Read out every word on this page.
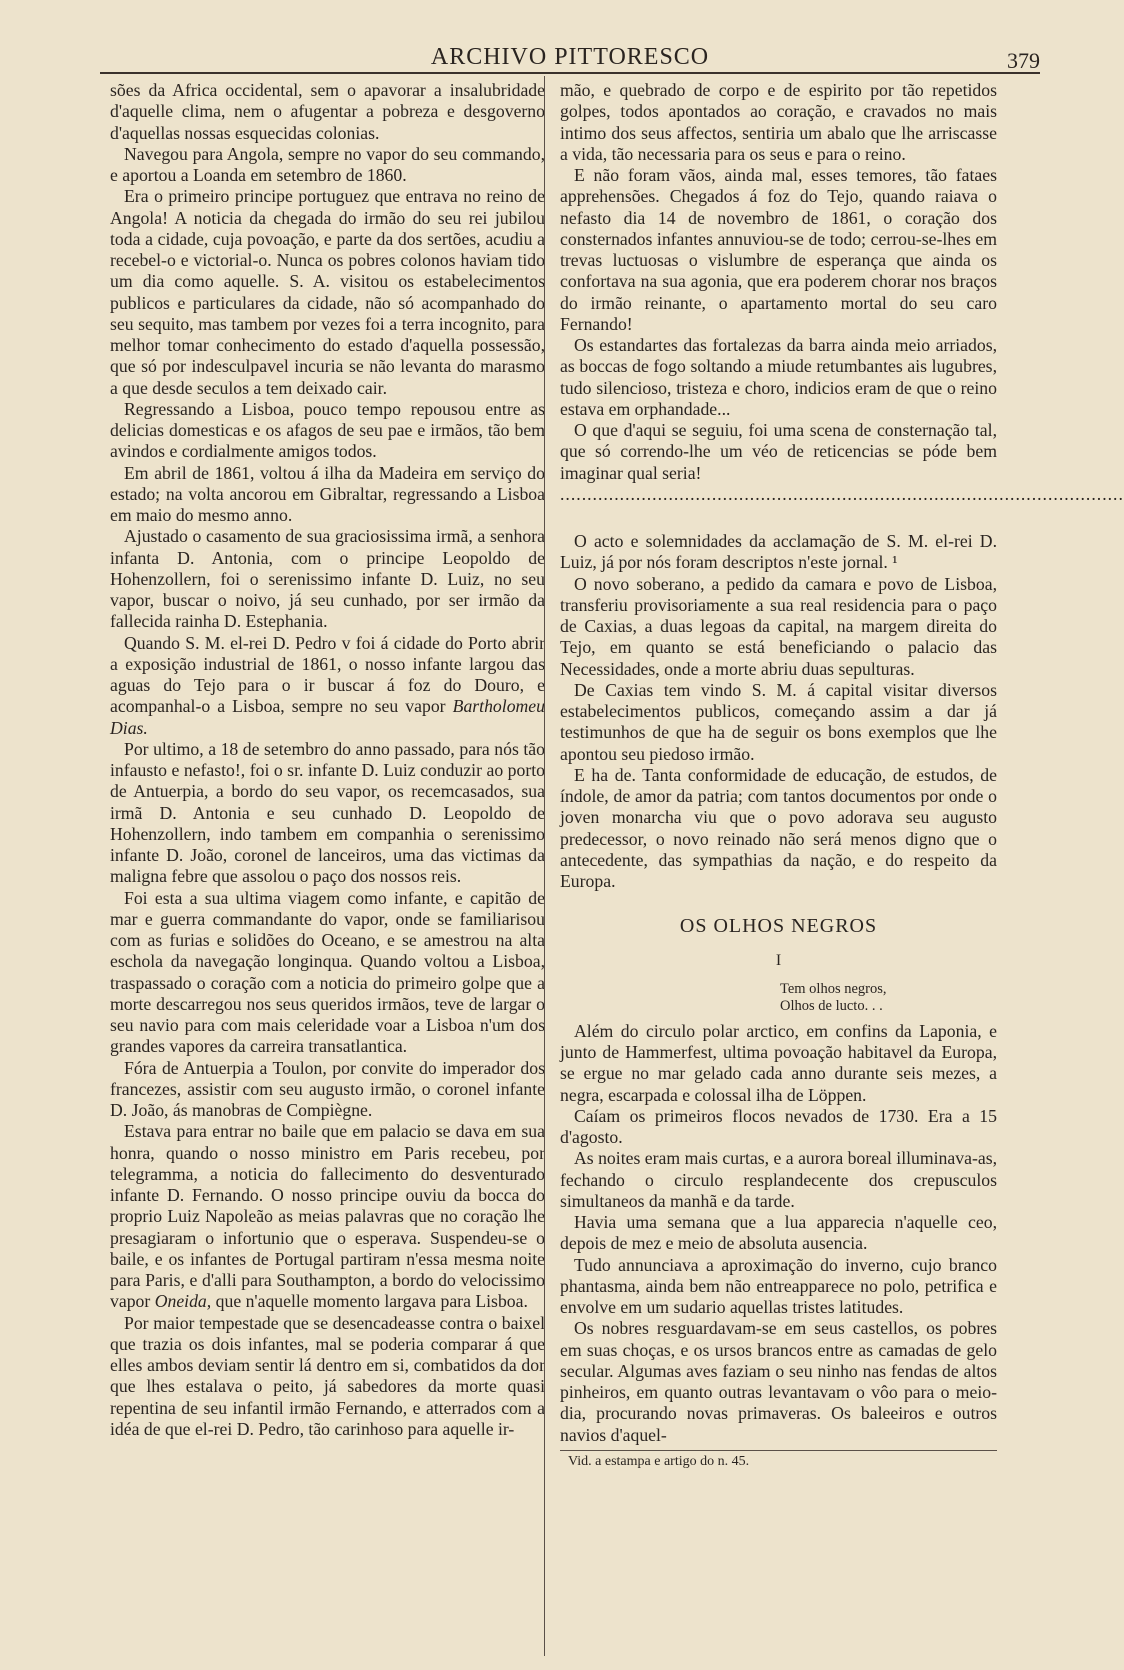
ARCHIVO PITTORESCO	379

sões da Africa occidental, sem o apavorar a insalubridade d'aquelle clima, nem o afugentar a pobreza e desgoverno d'aquellas nossas esquecidas colonias.

Navegou para Angola, sempre no vapor do seu commando, e aportou a Loanda em setembro de 1860.

Era o primeiro principe portuguez que entrava no reino de Angola! A noticia da chegada do irmão do seu rei jubilou toda a cidade, cuja povoação, e parte da dos sertões, acudiu a recebel-o e victorial-o. Nunca os pobres colonos haviam tido um dia como aquelle. S. A. visitou os estabelecimentos publicos e particulares da cidade, não só acompanhado do seu sequito, mas tambem por vezes foi a terra incognito, para melhor tomar conhecimento do estado d'aquella possessão, que só por indesculpavel incuria se não levanta do marasmo a que desde seculos a tem deixado cair.

Regressando a Lisboa, pouco tempo repousou entre as delicias domesticas e os afagos de seu pae e irmãos, tão bem avindos e cordialmente amigos todos.

Em abril de 1861, voltou á ilha da Madeira em serviço do estado; na volta ancorou em Gibraltar, regressando a Lisboa em maio do mesmo anno.

Ajustado o casamento de sua graciosissima irmã, a senhora infanta D. Antonia, com o principe Leopoldo de Hohenzollern, foi o serenissimo infante D. Luiz, no seu vapor, buscar o noivo, já seu cunhado, por ser irmão da fallecida rainha D. Estephania.

Quando S. M. el-rei D. Pedro v foi á cidade do Porto abrir a exposição industrial de 1861, o nosso infante largou das aguas do Tejo para o ir buscar á foz do Douro, e acompanhal-o a Lisboa, sempre no seu vapor Bartholomeu Dias.

Por ultimo, a 18 de setembro do anno passado, para nós tão infausto e nefasto!, foi o sr. infante D. Luiz conduzir ao porto de Antuerpia, a bordo do seu vapor, os recemcasados, sua irmã D. Antonia e seu cunhado D. Leopoldo de Hohenzollern, indo tambem em companhia o serenissimo infante D. João, coronel de lanceiros, uma das victimas da maligna febre que assolou o paço dos nossos reis.

Foi esta a sua ultima viagem como infante, e capitão de mar e guerra commandante do vapor, onde se familiarisou com as furias e solidões do Oceano, e se amestrou na alta eschola da navegação longinqua. Quando voltou a Lisboa, traspassado o coração com a noticia do primeiro golpe que a morte descarregou nos seus queridos irmãos, teve de largar o seu navio para com mais celeridade voar a Lisboa n'um dos grandes vapores da carreira transatlantica.

Fóra de Antuerpia a Toulon, por convite do imperador dos francezes, assistir com seu augusto irmão, o coronel infante D. João, ás manobras de Compiègne.

Estava para entrar no baile que em palacio se dava em sua honra, quando o nosso ministro em Paris recebeu, por telegramma, a noticia do fallecimento do desventurado infante D. Fernando. O nosso principe ouviu da bocca do proprio Luiz Napoleão as meias palavras que no coração lhe presagiaram o infortunio que o esperava. Suspendeu-se o baile, e os infantes de Portugal partiram n'essa mesma noite para Paris, e d'alli para Southampton, a bordo do velocissimo vapor Oneida, que n'aquelle momento largava para Lisboa.

Por maior tempestade que se desencadeasse contra o baixel que trazia os dois infantes, mal se poderia comparar á que elles ambos deviam sentir lá dentro em si, combatidos da dor que lhes estalava o peito, já sabedores da morte quasi repentina de seu infantil irmão Fernando, e atterrados com a idéa de que el-rei D. Pedro, tão carinhoso para aquelle ir-

mão, e quebrado de corpo e de espirito por tão repetidos golpes, todos apontados ao coração, e cravados no mais intimo dos seus affectos, sentiria um abalo que lhe arriscasse a vida, tão necessaria para os seus e para o reino.

E não foram vãos, ainda mal, esses temores, tão fataes apprehensões. Chegados á foz do Tejo, quando raiava o nefasto dia 14 de novembro de 1861, o coração dos consternados infantes annuviou-se de todo; cerrou-se-lhes em trevas luctuosas o vislumbre de esperança que ainda os confortava na sua agonia, que era poderem chorar nos braços do irmão reinante, o apartamento mortal do seu caro Fernando!

Os estandartes das fortalezas da barra ainda meio arriados, as boccas de fogo soltando a miude retumbantes ais lugubres, tudo silencioso, tristeza e choro, indicios eram de que o reino estava em orphandade...

O que d'aqui se seguiu, foi uma scena de consternação tal, que só correndo-lhe um véo de reticencias se póde bem imaginar qual seria!

........................................................................................................

O acto e solemnidades da acclamação de S. M. el-rei D. Luiz, já por nós foram descriptos n'este jornal. ¹

O novo soberano, a pedido da camara e povo de Lisboa, transferiu provisoriamente a sua real residencia para o paço de Caxias, a duas legoas da capital, na margem direita do Tejo, em quanto se está beneficiando o palacio das Necessidades, onde a morte abriu duas sepulturas.

De Caxias tem vindo S. M. á capital visitar diversos estabelecimentos publicos, começando assim a dar já testimunhos de que ha de seguir os bons exemplos que lhe apontou seu piedoso irmão.

E ha de. Tanta conformidade de educação, de estudos, de índole, de amor da patria; com tantos documentos por onde o joven monarcha viu que o povo adorava seu augusto predecessor, o novo reinado não será menos digno que o antecedente, das sympathias da nação, e do respeito da Europa.

OS OLHOS NEGROS

I

Tem olhos negros,

Olhos de lucto. . .

Além do circulo polar arctico, em confins da Laponia, e junto de Hammerfest, ultima povoação habitavel da Europa, se ergue no mar gelado cada anno durante seis mezes, a negra, escarpada e colossal ilha de Löppen.

Caíam os primeiros flocos nevados de 1730. Era a 15 d'agosto.

As noites eram mais curtas, e a aurora boreal illuminava-as, fechando o circulo resplandecente dos crepusculos simultaneos da manhã e da tarde.

Havia uma semana que a lua apparecia n'aquelle ceo, depois de mez e meio de absoluta ausencia.

Tudo annunciava a aproximação do inverno, cujo branco phantasma, ainda bem não entreapparece no polo, petrifica e envolve em um sudario aquellas tristes latitudes.

Os nobres resguardavam-se em seus castellos, os pobres em suas choças, e os ursos brancos entre as camadas de gelo secular. Algumas aves faziam o seu ninho nas fendas de altos pinheiros, em quanto outras levantavam o vôo para o meio-dia, procurando novas primaveras. Os baleeiros e outros navios d'aquel-

Vid. a estampa e artigo do n. 45.
